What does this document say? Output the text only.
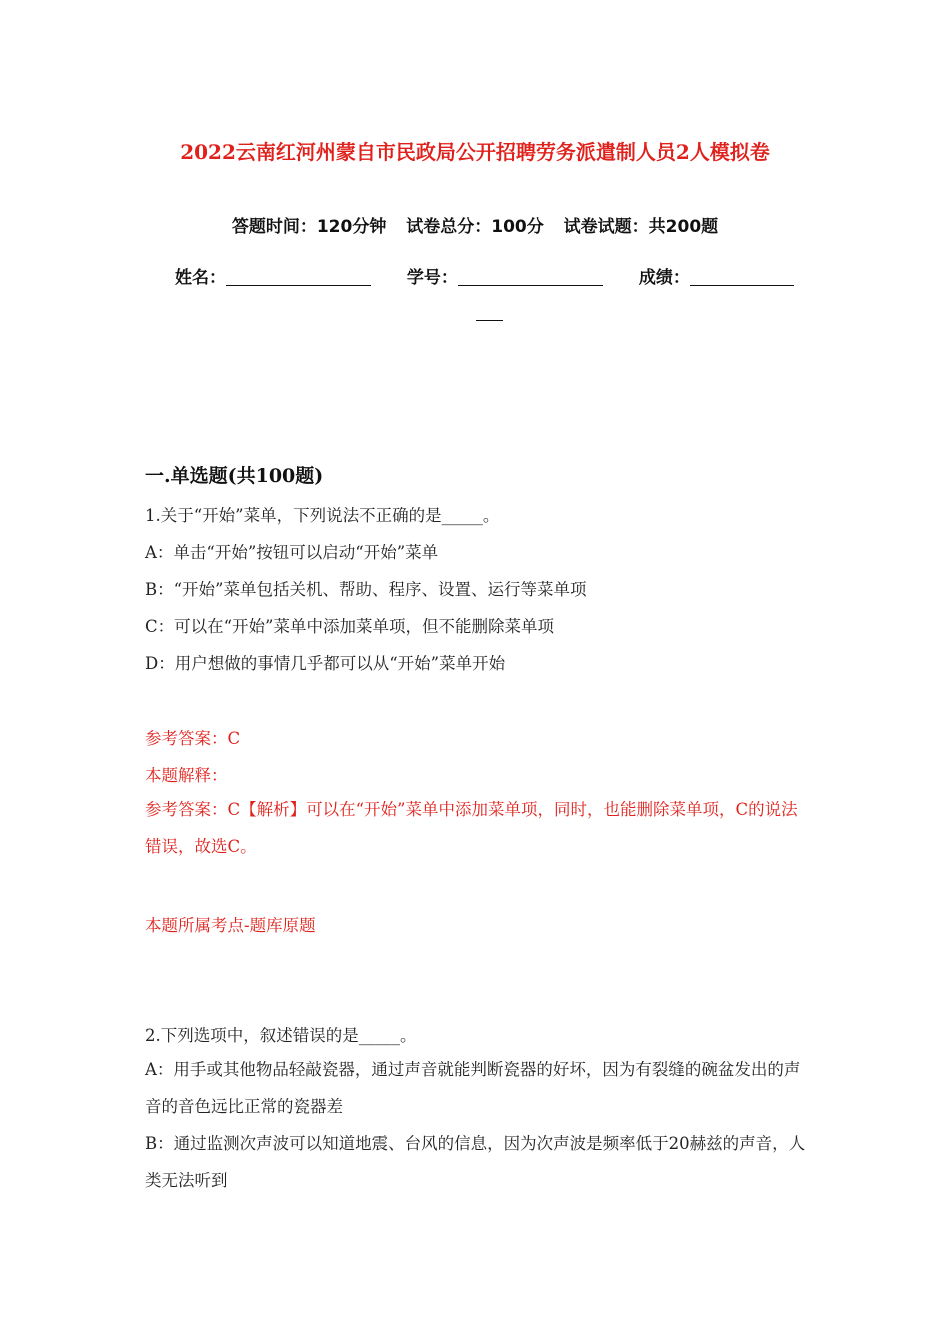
2022云南红河州蒙自市民政局公开招聘劳务派遣制人员2人模拟卷
答题时间：120分钟 试卷总分：100分 试卷试题：共200题
姓名：	学号：	成绩：
一.单选题(共100题)
1.关于“开始”菜单，下列说法不正确的是_____。
A：单击“开始”按钮可以启动“开始”菜单
B：“开始”菜单包括关机、帮助、程序、设置、运行等菜单项
C：可以在“开始”菜单中添加菜单项，但不能删除菜单项
D：用户想做的事情几乎都可以从“开始”菜单开始
参考答案：C
本题解释：
参考答案：C【解析】可以在“开始”菜单中添加菜单项，同时，也能删除菜单项，C的说法错误，故选C。
本题所属考点-题库原题
2.下列选项中，叙述错误的是_____。
A：用手或其他物品轻敲瓷器，通过声音就能判断瓷器的好坏，因为有裂缝的碗盆发出的声音的音色远比正常的瓷器差
B：通过监测次声波可以知道地震、台风的信息，因为次声波是频率低于20赫兹的声音，人类无法听到
